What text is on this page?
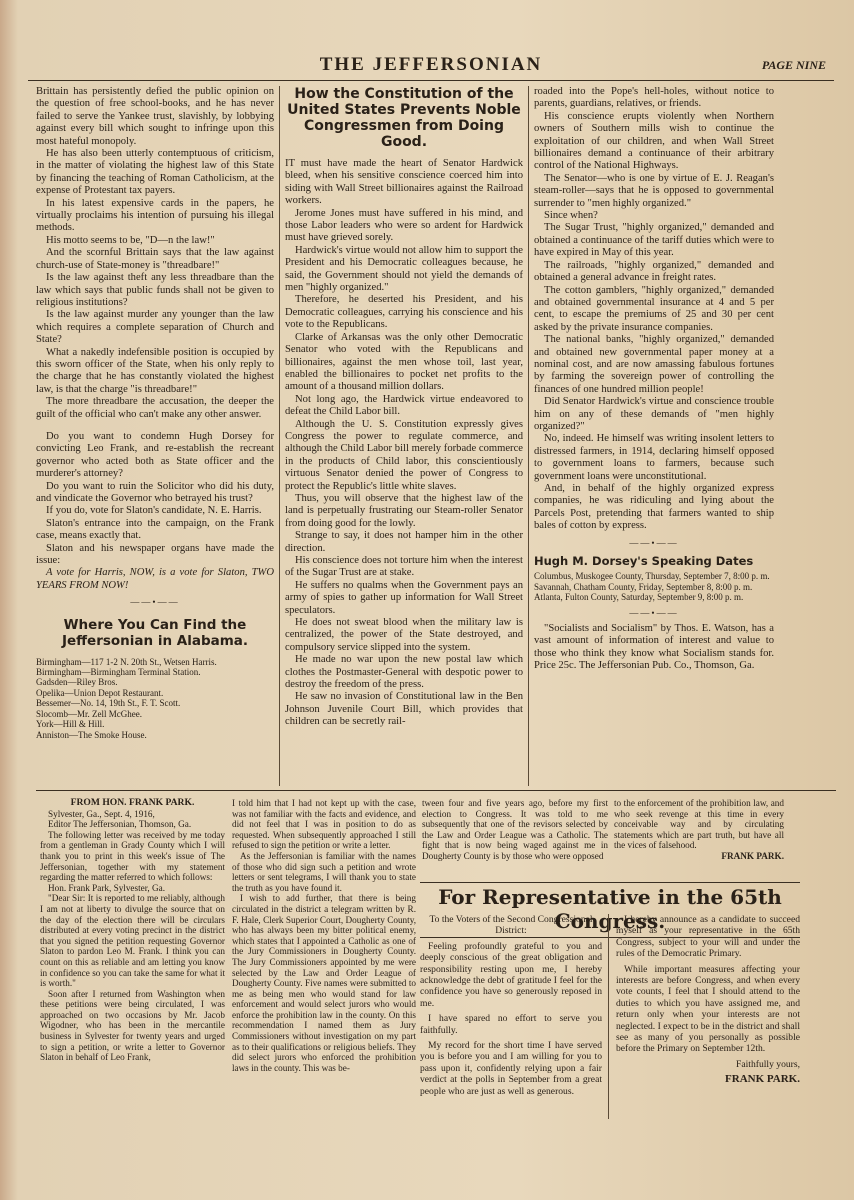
THE JEFFERSONIAN	PAGE NINE

Brittain has persistently defied the public opinion on the question of free school-books, and he has never failed to serve the Yankee trust, slavishly, by lobbying against every bill which sought to infringe upon this most hateful monopoly.

He has also been utterly contemptuous of criticism, in the matter of violating the highest law of this State by financing the teaching of Roman Catholicism, at the expense of Protestant tax payers.

In his latest expensive cards in the papers, he virtually proclaims his intention of pursuing his illegal methods.

His motto seems to be, "D—n the law!"

And the scornful Brittain says that the law against church-use of State-money is "threadbare!"

Is the law against theft any less threadbare than the law which says that public funds shall not be given to religious institutions?

Is the law against murder any younger than the law which requires a complete separation of Church and State?

What a nakedly indefensible position is occupied by this sworn officer of the State, when his only reply to the charge that he has constantly violated the highest law, is that the charge "is threadbare!"

The more threadbare the accusation, the deeper the guilt of the official who can't make any other answer.

Do you want to condemn Hugh Dorsey for convicting Leo Frank, and re-establish the recreant governor who acted both as State officer and the murderer's attorney?

Do you want to ruin the Solicitor who did his duty, and vindicate the Governor who betrayed his trust?

If you do, vote for Slaton's candidate, N. E. Harris.

Slaton's entrance into the campaign, on the Frank case, means exactly that.

Slaton and his newspaper organs have made the issue:

A vote for Harris, NOW, is a vote for Slaton, TWO YEARS FROM NOW!

——•——
Where You Can Find the Jeffersonian in Alabama.

Birmingham—117 1-2 N. 20th St., Wetsen Harris.

Birmingham—Birmingham Terminal Station.

Gadsden—Riley Bros.

Opelika—Union Depot Restaurant.

Bessemer—No. 14, 19th St., F. T. Scott.

Slocomb—Mr. Zell McGhee.

York—Hill & Hill.

Anniston—The Smoke House.

How the Constitution of the United States Prevents Noble Congressmen from Doing Good.

IT must have made the heart of Senator Hardwick bleed, when his sensitive conscience coerced him into siding with Wall Street billionaires against the Railroad workers.

Jerome Jones must have suffered in his mind, and those Labor leaders who were so ardent for Hardwick must have grieved sorely.

Hardwick's virtue would not allow him to support the President and his Democratic colleagues because, he said, the Government should not yield the demands of men "highly organized."

Therefore, he deserted his President, and his Democratic colleagues, carrying his conscience and his vote to the Republicans.

Clarke of Arkansas was the only other Democratic Senator who voted with the Republicans and billionaires, against the men whose toil, last year, enabled the billionaires to pocket net profits to the amount of a thousand million dollars.

Not long ago, the Hardwick virtue endeavored to defeat the Child Labor bill.

Although the U. S. Constitution expressly gives Congress the power to regulate commerce, and although the Child Labor bill merely forbade commerce in the products of Child labor, this conscientiously virtuous Senator denied the power of Congress to protect the Republic's little white slaves.

Thus, you will observe that the highest law of the land is perpetually frustrating our Steam-roller Senator from doing good for the lowly.

Strange to say, it does not hamper him in the other direction.

His conscience does not torture him when the interest of the Sugar Trust are at stake.

He suffers no qualms when the Government pays an army of spies to gather up information for Wall Street speculators.

He does not sweat blood when the military law is centralized, the power of the State destroyed, and compulsory service slipped into the system.

He made no war upon the new postal law which clothes the Postmaster-General with despotic power to destroy the freedom of the press.

He saw no invasion of Constitutional law in the Ben Johnson Juvenile Court Bill, which provides that children can be secretly rail-

roaded into the Pope's hell-holes, without notice to parents, guardians, relatives, or friends.

His conscience erupts violently when Northern owners of Southern mills wish to continue the exploitation of our children, and when Wall Street billionaires demand a continuance of their arbitrary control of the National Highways.

The Senator—who is one by virtue of E. J. Reagan's steam-roller—says that he is opposed to governmental surrender to "men highly organized."

Since when?

The Sugar Trust, "highly organized," demanded and obtained a continuance of the tariff duties which were to have expired in May of this year.

The railroads, "highly organized," demanded and obtained a general advance in freight rates.

The cotton gamblers, "highly organized," demanded and obtained governmental insurance at 4 and 5 per cent, to escape the premiums of 25 and 30 per cent asked by the private insurance companies.

The national banks, "highly organized," demanded and obtained new governmental paper money at a nominal cost, and are now amassing fabulous fortunes by farming the sovereign power of controlling the finances of one hundred million people!

Did Senator Hardwick's virtue and conscience trouble him on any of these demands of "men highly organized?"

No, indeed. He himself was writing insolent letters to distressed farmers, in 1914, declaring himself opposed to government loans to farmers, because such government loans were unconstitutional.

And, in behalf of the highly organized express companies, he was ridiculing and lying about the Parcels Post, pretending that farmers wanted to ship bales of cotton by express.

——•——
Hugh M. Dorsey's Speaking Dates

Columbus, Muskogee County, Thursday, September 7, 8:00 p. m.

Savannah, Chatham County, Friday, September 8, 8:00 p. m.

Atlanta, Fulton County, Saturday, September 9, 8:00 p. m.

——•——

"Socialists and Socialism" by Thos. E. Watson, has a vast amount of information of interest and value to those who think they know what Socialism stands for. Price 25c. The Jeffersonian Pub. Co., Thomson, Ga.

FROM HON. FRANK PARK.

Sylvester, Ga., Sept. 4, 1916,

Editor The Jeffersonian, Thomson, Ga.

The following letter was received by me today from a gentleman in Grady County which I will thank you to print in this week's issue of The Jeffersonian, together with my statement regarding the matter referred to which follows:

Hon. Frank Park, Sylvester, Ga.

"Dear Sir: It is reported to me reliably, although I am not at liberty to divulge the source that on the day of the election there will be circulars distributed at every voting precinct in the district that you signed the petition requesting Governor Slaton to pardon Leo M. Frank. I think you can count on this as reliable and am letting you know in confidence so you can take the same for what it is worth."

Soon after I returned from Washington when these petitions were being circulated, I was approached on two occasions by Mr. Jacob Wigodner, who has been in the mercantile business in Sylvester for twenty years and urged to sign a petition, or write a letter to Governor Slaton in behalf of Leo Frank,

I told him that I had not kept up with the case, was not familiar with the facts and evidence, and did not feel that I was in position to do as requested. When subsequently approached I still refused to sign the petition or write a letter.

As the Jeffersonian is familiar with the names of those who did sign such a petition and wrote letters or sent telegrams, I will thank you to state the truth as you have found it.

I wish to add further, that there is being circulated in the district a telegram written by R. F. Hale, Clerk Superior Court, Dougherty County, who has always been my bitter political enemy, which states that I appointed a Catholic as one of the Jury Commissioners in Dougherty County. The Jury Commissioners appointed by me were selected by the Law and Order League of Dougherty County. Five names were submitted to me as being men who would stand for law enforcement and would select jurors who would enforce the prohibition law in the county. On this recommendation I named them as Jury Commissioners without investigation on my part as to their qualifications or religious beliefs. They did select jurors who enforced the prohibition laws in the county. This was be-

tween four and five years ago, before my first election to Congress. It was told to me subsequently that one of the revisors selected by the Law and Order League was a Catholic. The fight that is now being waged against me in Dougherty County is by those who were opposed

to the enforcement of the prohibition law, and who seek revenge at this time in every conceivable way and by circulating statements which are part truth, but have all the vices of falsehood.

FRANK PARK.

For Representative in the 65th Congress.

To the Voters of the Second Congressional District:

Feeling profoundly grateful to you and deeply conscious of the great obligation and responsibility resting upon me, I hereby acknowledge the debt of gratitude I feel for the confidence you have so generously reposed in me.

I have spared no effort to serve you faithfully.

My record for the short time I have served you is before you and I am willing for you to pass upon it, confidently relying upon a fair verdict at the polls in September from a great people who are just as well as generous.

I hereby announce as a candidate to succeed myself as your representative in the 65th Congress, subject to your will and under the rules of the Democratic Primary.

While important measures affecting your interests are before Congress, and when every vote counts, I feel that I should attend to the duties to which you have assigned me, and return only when your interests are not neglected. I expect to be in the district and shall see as many of you personally as possible before the Primary on September 12th.

Faithfully yours,

FRANK PARK.
